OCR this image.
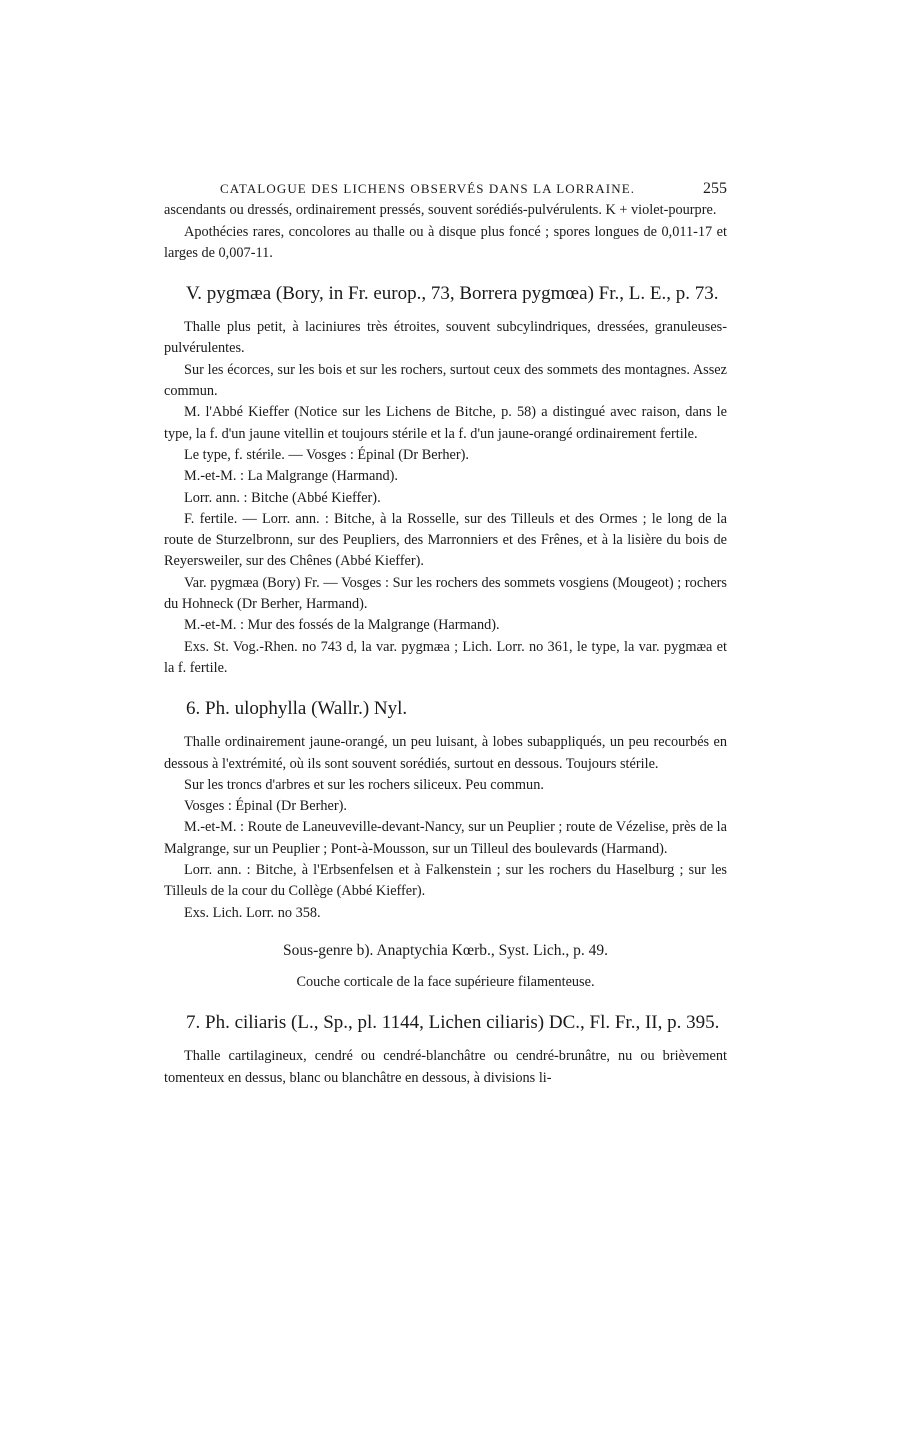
CATALOGUE DES LICHENS OBSERVÉS DANS LA LORRAINE.	255

ascendants ou dressés, ordinairement pressés, souvent sorédiés-pulvérulents. K + violet-pourpre.

Apothécies rares, concolores au thalle ou à disque plus foncé ; spores longues de 0,011-17 et larges de 0,007-11.

V. pygmæa (Bory, in Fr. europ., 73, Borrera pygmœa) Fr., L. E., p. 73.

Thalle plus petit, à laciniures très étroites, souvent subcylindriques, dressées, granuleuses-pulvérulentes.

Sur les écorces, sur les bois et sur les rochers, surtout ceux des sommets des montagnes. Assez commun.

M. l'Abbé Kieffer (Notice sur les Lichens de Bitche, p. 58) a distingué avec raison, dans le type, la f. d'un jaune vitellin et toujours stérile et la f. d'un jaune-orangé ordinairement fertile.

Le type, f. stérile. — Vosges : Épinal (Dr Berher).

M.-et-M. : La Malgrange (Harmand).

Lorr. ann. : Bitche (Abbé Kieffer).

F. fertile. — Lorr. ann. : Bitche, à la Rosselle, sur des Tilleuls et des Ormes ; le long de la route de Sturzelbronn, sur des Peupliers, des Marronniers et des Frênes, et à la lisière du bois de Reyersweiler, sur des Chênes (Abbé Kieffer).

Var. pygmæa (Bory) Fr. — Vosges : Sur les rochers des sommets vosgiens (Mougeot) ; rochers du Hohneck (Dr Berher, Harmand).

M.-et-M. : Mur des fossés de la Malgrange (Harmand).

Exs. St. Vog.-Rhen. no 743 d, la var. pygmæa ; Lich. Lorr. no 361, le type, la var. pygmæa et la f. fertile.

6. Ph. ulophylla (Wallr.) Nyl.

Thalle ordinairement jaune-orangé, un peu luisant, à lobes subappliqués, un peu recourbés en dessous à l'extrémité, où ils sont souvent sorédiés, surtout en dessous. Toujours stérile.

Sur les troncs d'arbres et sur les rochers siliceux. Peu commun.

Vosges : Épinal (Dr Berher).

M.-et-M. : Route de Laneuveville-devant-Nancy, sur un Peuplier ; route de Vézelise, près de la Malgrange, sur un Peuplier ; Pont-à-Mousson, sur un Tilleul des boulevards (Harmand).

Lorr. ann. : Bitche, à l'Erbsenfelsen et à Falkenstein ; sur les rochers du Haselburg ; sur les Tilleuls de la cour du Collège (Abbé Kieffer).

Exs. Lich. Lorr. no 358.

Sous-genre b). Anaptychia Kœrb., Syst. Lich., p. 49.

Couche corticale de la face supérieure filamenteuse.

7. Ph. ciliaris (L., Sp., pl. 1144, Lichen ciliaris) DC., Fl. Fr., II, p. 395.

Thalle cartilagineux, cendré ou cendré-blanchâtre ou cendré-brunâtre, nu ou brièvement tomenteux en dessus, blanc ou blanchâtre en dessous, à divisions li-
